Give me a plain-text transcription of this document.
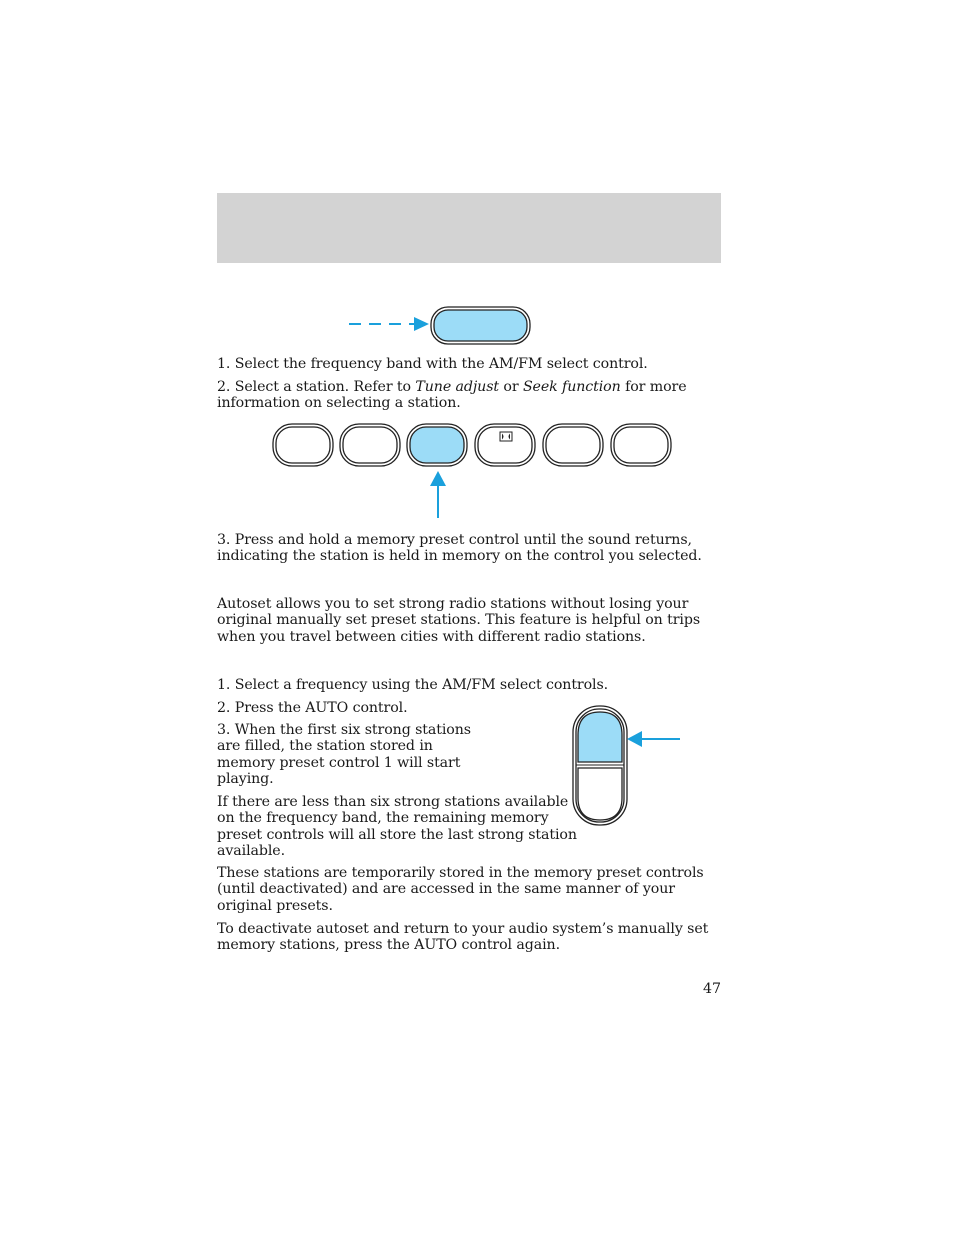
1. Select the frequency band with the AM/FM select control.

2. Select a station. Refer to Tune adjust or Seek function for more information on selecting a station.

3. Press and hold a memory preset control until the sound returns, indicating the station is held in memory on the control you selected.

Autoset allows you to set strong radio stations without losing your original manually set preset stations. This feature is helpful on trips when you travel between cities with different radio stations.

1. Select a frequency using the AM/FM select controls.

2. Press the AUTO control.

3. When the first six strong stations are filled, the station stored in memory preset control 1 will start playing.

If there are less than six strong stations available on the frequency band, the remaining memory preset controls will all store the last strong station available.

These stations are temporarily stored in the memory preset controls (until deactivated) and are accessed in the same manner of your original presets.

To deactivate autoset and return to your audio system’s manually set memory stations, press the AUTO control again.

47
